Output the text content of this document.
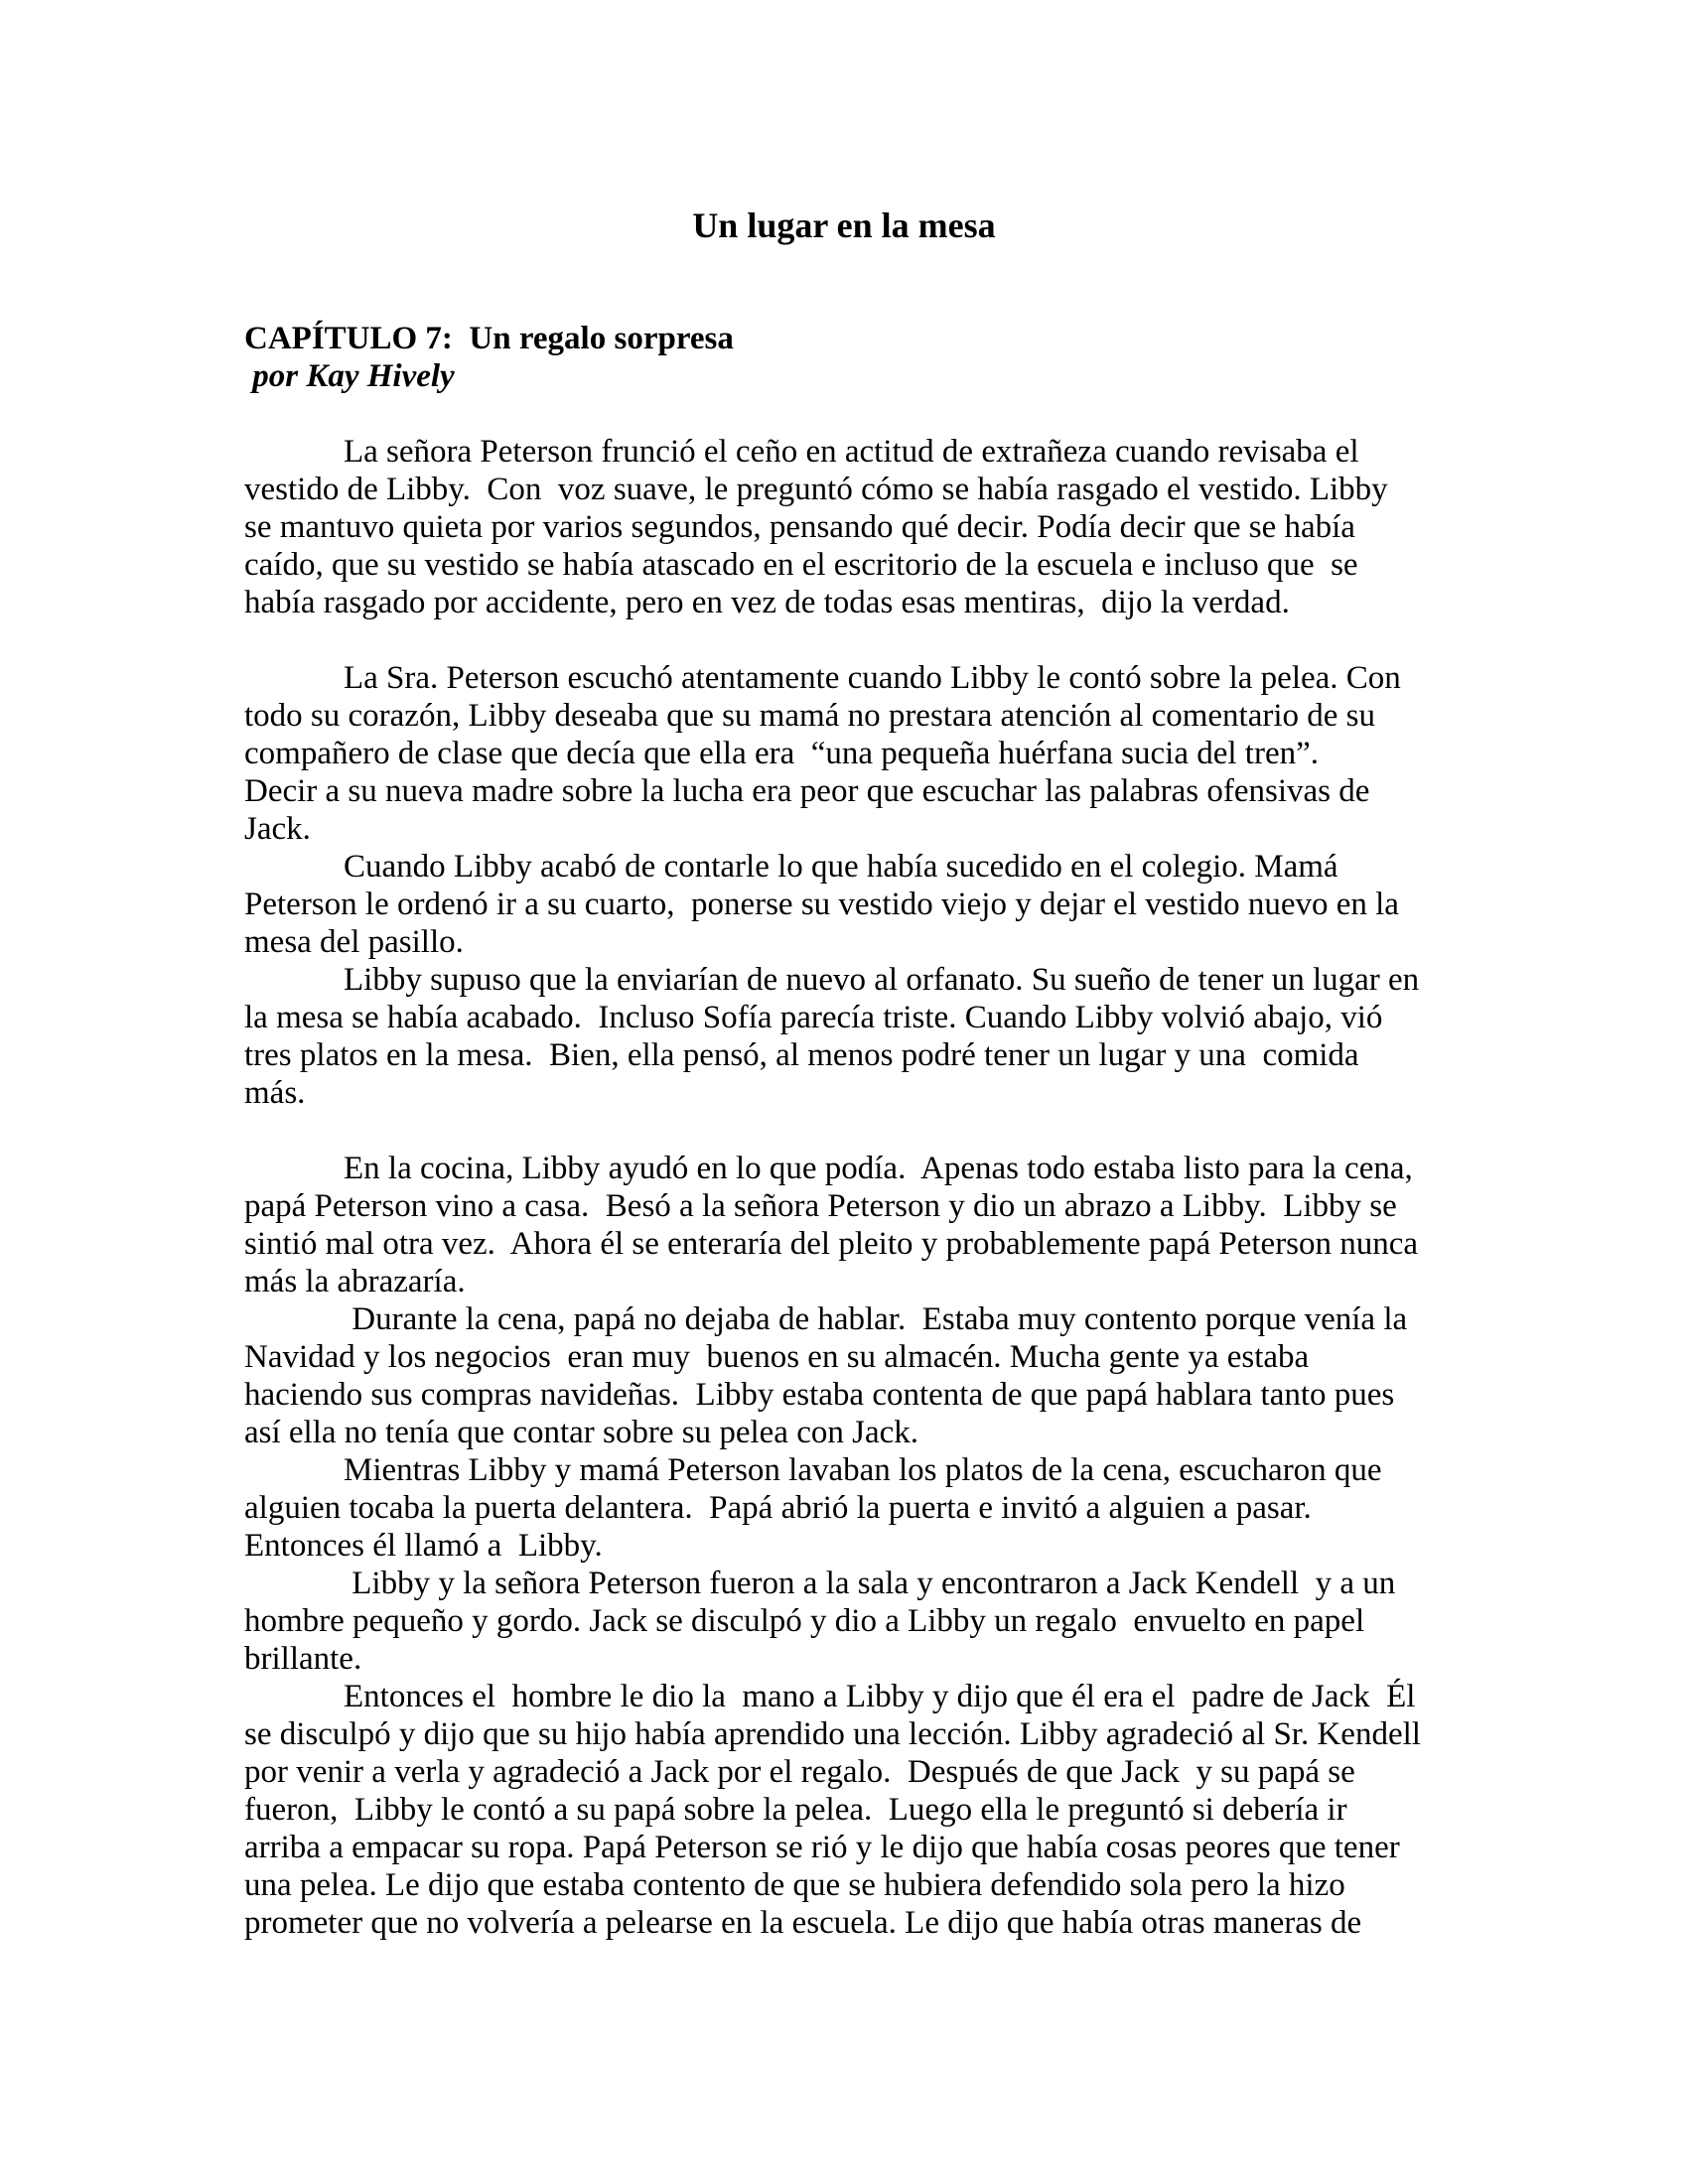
Un lugar en la mesa
CAPÍTULO 7:  Un regalo sorpresa
por Kay Hively
La señora Peterson frunció el ceño en actitud de extrañeza cuando revisaba el
vestido de Libby.  Con  voz suave, le preguntó cómo se había rasgado el vestido. Libby
se mantuvo quieta por varios segundos, pensando qué decir. Podía decir que se había
caído, que su vestido se había atascado en el escritorio de la escuela e incluso que  se
había rasgado por accidente, pero en vez de todas esas mentiras,  dijo la verdad.
La Sra. Peterson escuchó atentamente cuando Libby le contó sobre la pelea. Con
todo su corazón, Libby deseaba que su mamá no prestara atención al comentario de su
compañero de clase que decía que ella era  “una pequeña huérfana sucia del tren”.
Decir a su nueva madre sobre la lucha era peor que escuchar las palabras ofensivas de
Jack.
Cuando Libby acabó de contarle lo que había sucedido en el colegio. Mamá
Peterson le ordenó ir a su cuarto,  ponerse su vestido viejo y dejar el vestido nuevo en la
mesa del pasillo.
Libby supuso que la enviarían de nuevo al orfanato. Su sueño de tener un lugar en
la mesa se había acabado.  Incluso Sofía parecía triste. Cuando Libby volvió abajo, vió
tres platos en la mesa.  Bien, ella pensó, al menos podré tener un lugar y una  comida
más.
En la cocina, Libby ayudó en lo que podía.  Apenas todo estaba listo para la cena,
papá Peterson vino a casa.  Besó a la señora Peterson y dio un abrazo a Libby.  Libby se
sintió mal otra vez.  Ahora él se enteraría del pleito y probablemente papá Peterson nunca
más la abrazaría.
Durante la cena, papá no dejaba de hablar.  Estaba muy contento porque venía la
Navidad y los negocios  eran muy  buenos en su almacén. Mucha gente ya estaba
haciendo sus compras navideñas.  Libby estaba contenta de que papá hablara tanto pues
así ella no tenía que contar sobre su pelea con Jack.
Mientras Libby y mamá Peterson lavaban los platos de la cena, escucharon que
alguien tocaba la puerta delantera.  Papá abrió la puerta e invitó a alguien a pasar.
Entonces él llamó a  Libby.
Libby y la señora Peterson fueron a la sala y encontraron a Jack Kendell  y a un
hombre pequeño y gordo. Jack se disculpó y dio a Libby un regalo  envuelto en papel
brillante.
Entonces el  hombre le dio la  mano a Libby y dijo que él era el  padre de Jack  Él
se disculpó y dijo que su hijo había aprendido una lección. Libby agradeció al Sr. Kendell
por venir a verla y agradeció a Jack por el regalo.  Después de que Jack  y su papá se
fueron,  Libby le contó a su papá sobre la pelea.  Luego ella le preguntó si debería ir
arriba a empacar su ropa. Papá Peterson se rió y le dijo que había cosas peores que tener
una pelea. Le dijo que estaba contento de que se hubiera defendido sola pero la hizo
prometer que no volvería a pelearse en la escuela. Le dijo que había otras maneras de
